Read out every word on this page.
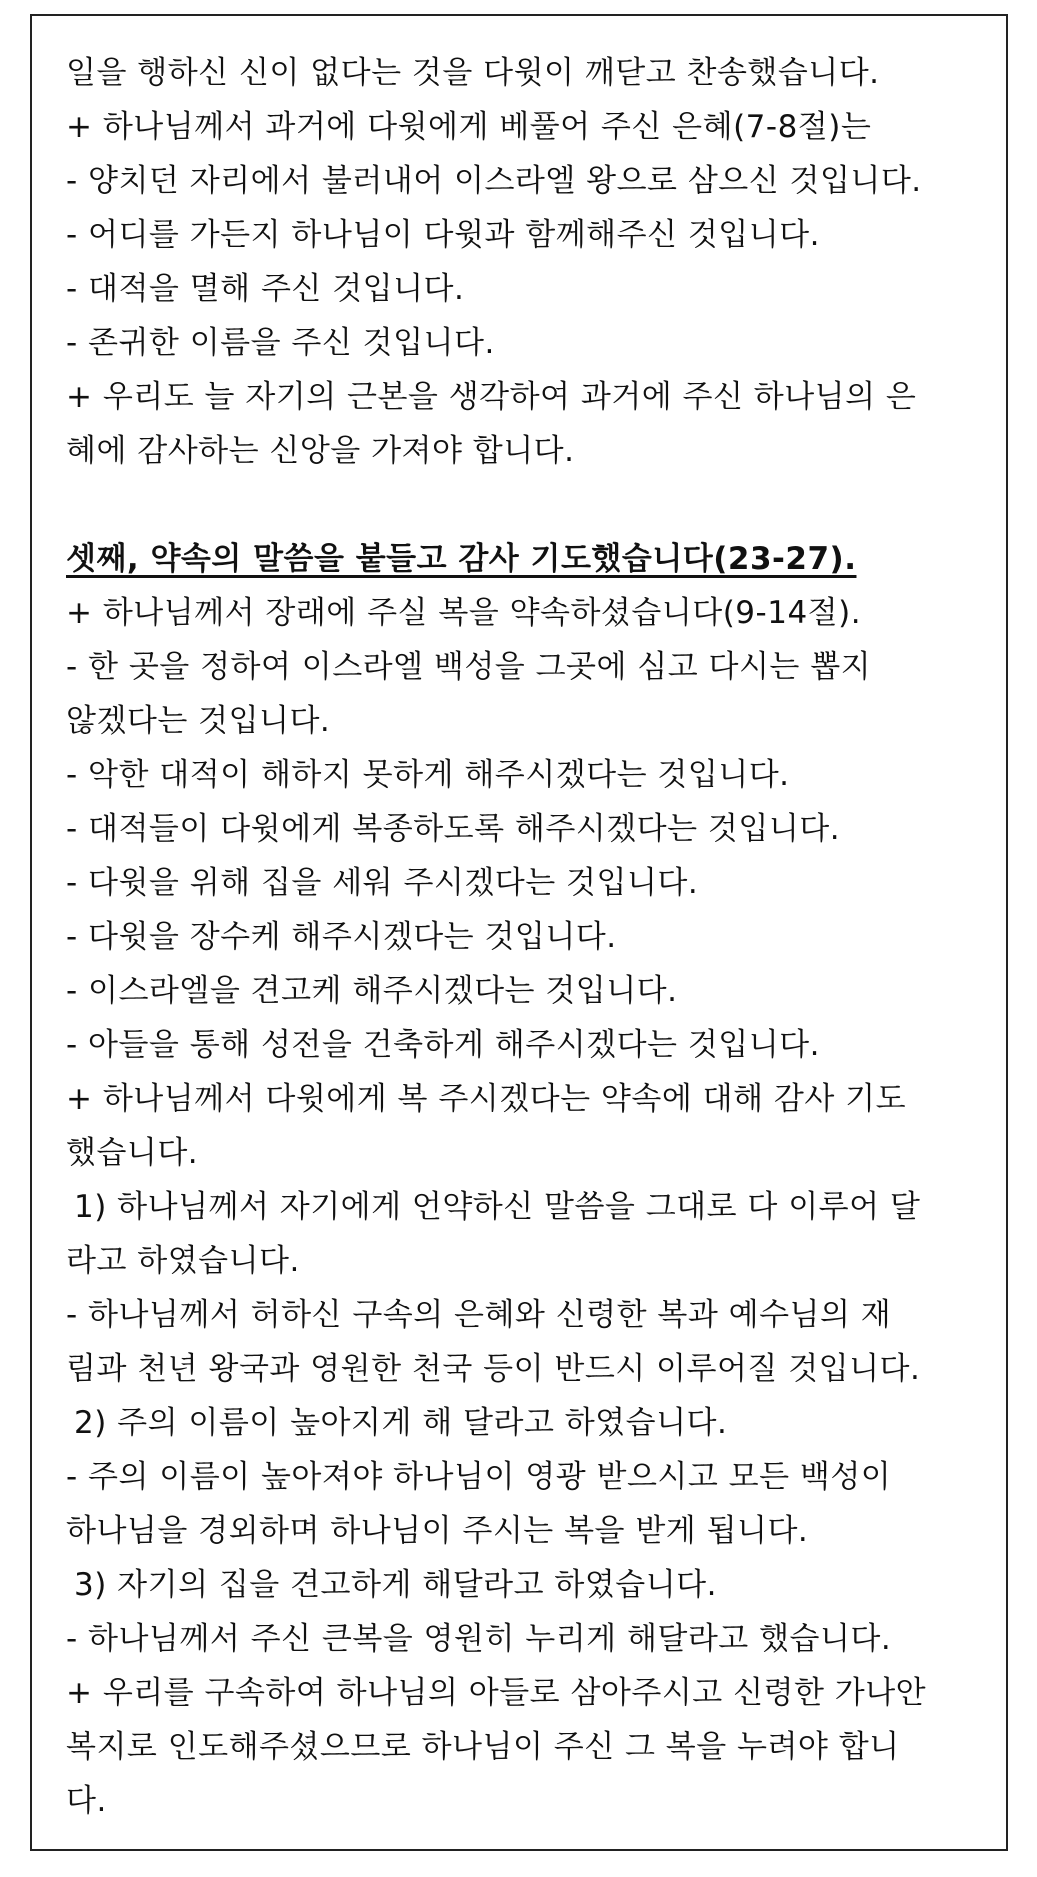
일을 행하신 신이 없다는 것을 다윗이 깨닫고 찬송했습니다.
+ 하나님께서 과거에 다윗에게 베풀어 주신 은혜(7-8절)는
- 양치던 자리에서 불러내어 이스라엘 왕으로 삼으신 것입니다.
- 어디를 가든지 하나님이 다윗과 함께해주신 것입니다.
- 대적을 멸해 주신 것입니다.
- 존귀한 이름을 주신 것입니다.
+ 우리도 늘 자기의 근본을 생각하여 과거에 주신 하나님의 은
혜에 감사하는 신앙을 가져야 합니다.
셋째, 약속의 말씀을 붙들고 감사 기도했습니다(23-27).
+ 하나님께서 장래에 주실 복을 약속하셨습니다(9-14절).
- 한 곳을 정하여 이스라엘 백성을 그곳에 심고 다시는 뽑지
않겠다는 것입니다.
- 악한 대적이 해하지 못하게 해주시겠다는 것입니다.
- 대적들이 다윗에게 복종하도록 해주시겠다는 것입니다.
- 다윗을 위해 집을 세워 주시겠다는 것입니다.
- 다윗을 장수케 해주시겠다는 것입니다.
- 이스라엘을 견고케 해주시겠다는 것입니다.
- 아들을 통해 성전을 건축하게 해주시겠다는 것입니다.
+ 하나님께서 다윗에게 복 주시겠다는 약속에 대해 감사 기도
했습니다.
1) 하나님께서 자기에게 언약하신 말씀을 그대로 다 이루어 달
라고 하였습니다.
- 하나님께서 허하신 구속의 은혜와 신령한 복과 예수님의 재
림과 천년 왕국과 영원한 천국 등이 반드시 이루어질 것입니다.
2) 주의 이름이 높아지게 해 달라고 하였습니다.
- 주의 이름이 높아져야 하나님이 영광 받으시고 모든 백성이
하나님을 경외하며 하나님이 주시는 복을 받게 됩니다.
3) 자기의 집을 견고하게 해달라고 하였습니다.
- 하나님께서 주신 큰복을 영원히 누리게 해달라고 했습니다.
+ 우리를 구속하여 하나님의 아들로 삼아주시고 신령한 가나안
복지로 인도해주셨으므로 하나님이 주신 그 복을 누려야 합니
다.
